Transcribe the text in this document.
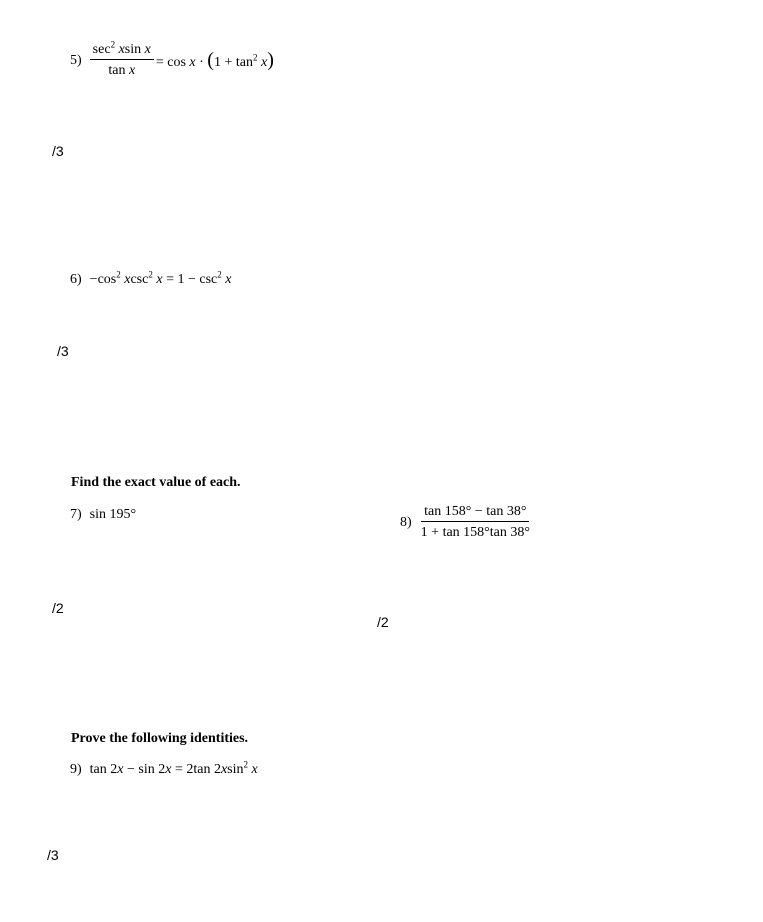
$5) \frac{\sec^2 xsin x}{\text{tan x}} = \cos x \cdot (1 + \tan^2 x)$
/3
$6) -\cos^2$ xcsc$^2$ $x = 1 - \csc^2 x$
/3
Find the exact value of each.
7) sin 195°
/2
$8) \frac{\tan 158^\circ - \tan 38^\circ}{1 + \tan 158^\circ\tan 38^\circ}$
/2
Prove the following identities.
9) tan 2x − sin 2x = 2tan 2xsin$^2$ x
/3
